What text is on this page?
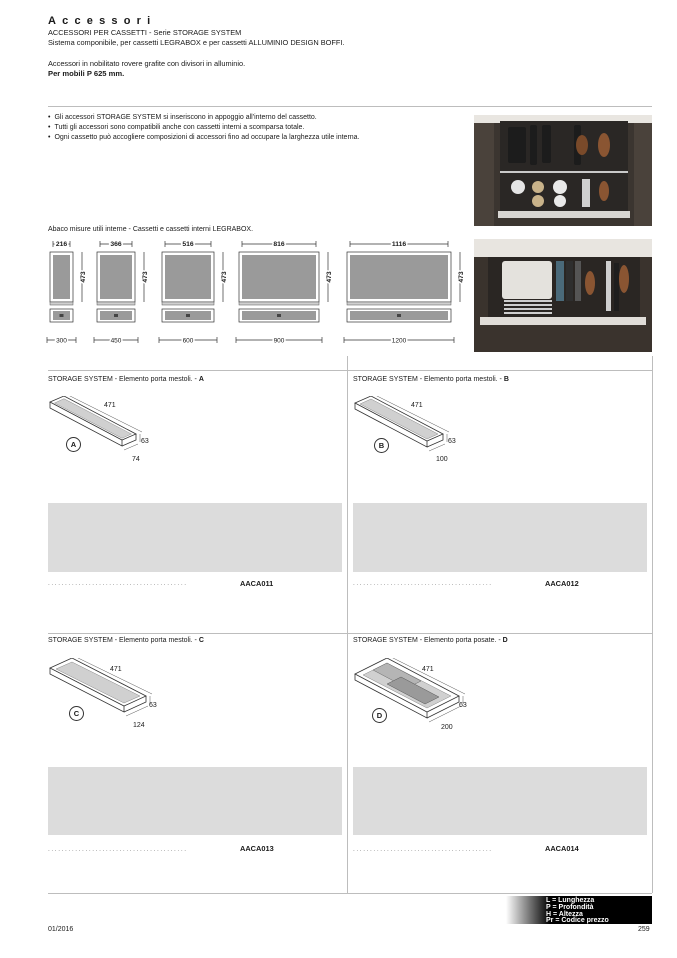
Accessori
ACCESSORI PER CASSETTI - Serie STORAGE SYSTEM
Sistema componibile, per cassetti LEGRABOX e per cassetti ALLUMINIO DESIGN BOFFI.
Accessori in nobilitato rovere grafite con divisori in alluminio.
Per mobili P 625 mm.
• Gli accessori STORAGE SYSTEM si inseriscono in appoggio all'interno del cassetto.
• Tutti gli accessori sono compatibili anche con cassetti interni a scomparsa totale.
• Ogni cassetto può accogliere composizioni di accessori fino ad occupare la larghezza utile interna.
Abaco misure utili interne - Cassetti e cassetti interni LEGRABOX.
216
473
300
366
473
450
516
473
600
816
473
900
1116
473
1200
STORAGE SYSTEM - Elemento porta mestoli. - A
471
63
74
A
.........................................	AACA011
STORAGE SYSTEM - Elemento porta mestoli. - B
471
63
100
B
.........................................	AACA012
STORAGE SYSTEM - Elemento porta mestoli. - C
471
63
124
C
.........................................	AACA013
STORAGE SYSTEM - Elemento porta posate. - D
471
63
200
D
.........................................	AACA014
L = Lunghezza
P = Profondità
H = Altezza
Pr = Codice prezzo
01/2016	259
